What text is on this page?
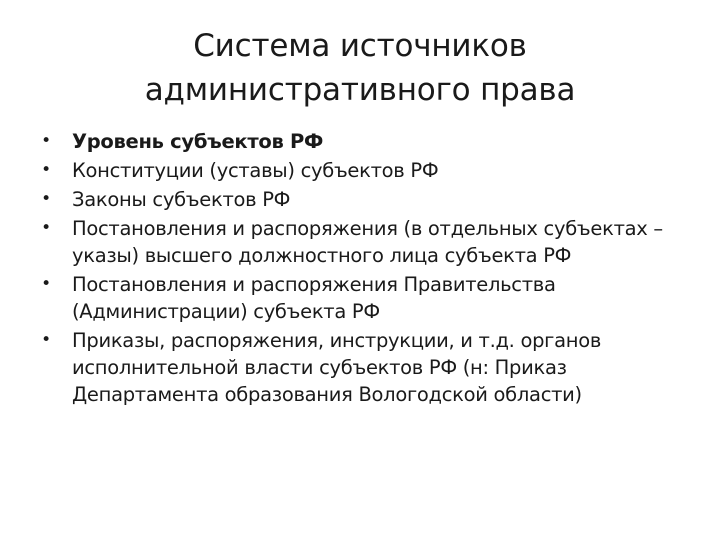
Система источников
административного права
• Уровень субъектов РФ
• Конституции (уставы) субъектов РФ
• Законы субъектов РФ
• Постановления и распоряжения (в отдельных субъектах – указы) высшего должностного лица субъекта РФ
• Постановления и распоряжения Правительства (Администрации) субъекта РФ
• Приказы, распоряжения, инструкции, и т.д. органов исполнительной власти субъектов РФ (н: Приказ Департамента образования Вологодской области)
